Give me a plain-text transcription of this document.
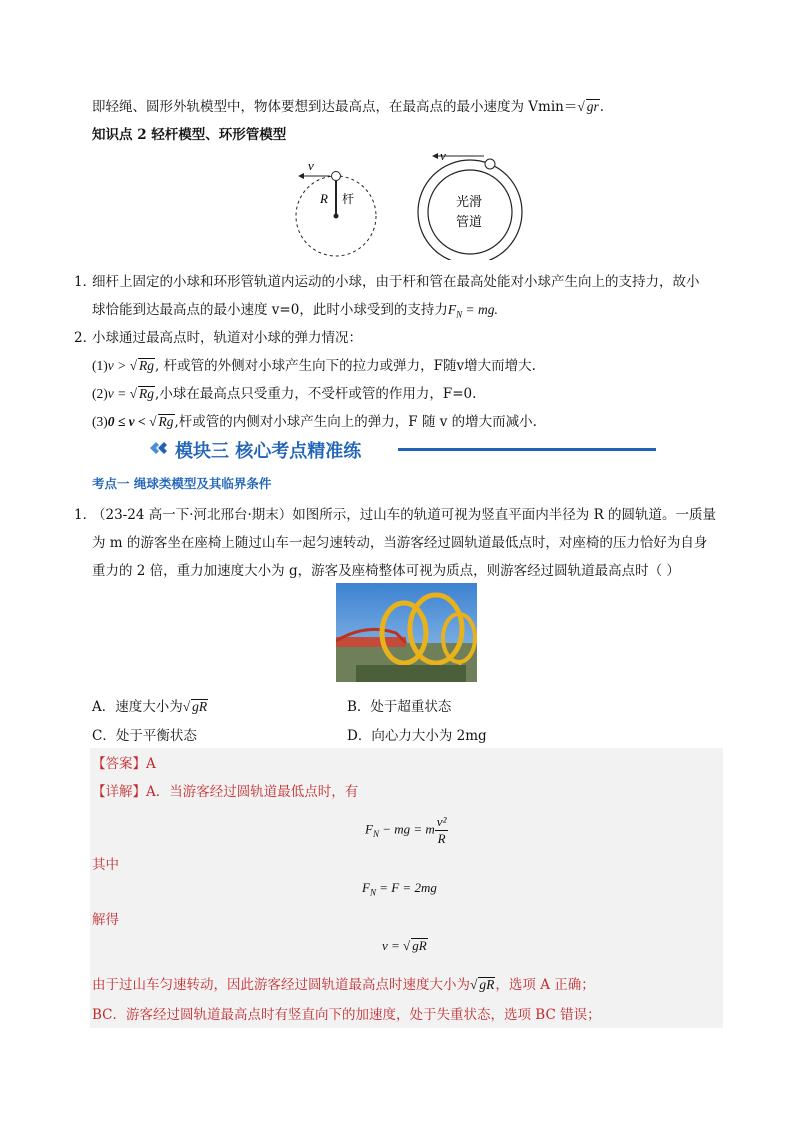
即轻绳、圆形外轨模型中，物体要想到达最高点，在最高点的最小速度为 Vmin＝ √ gr.
知识点 2 轻杆模型、环形管模型
v
R 杆
v
光滑
管道
1．
细杆上固定的小球和环形管轨道内运动的小球，由于杆和管在最高处能对小球产生向上的支持力，故小
球恰能到达最高点的最小速度 v=0，此时小球受到的支持力$F_N$ = mg.
2．
小球通过最高点时，轨道对小球的弹力情况：
(1)v > √ Rg, 杆或管的外侧对小球产生向下的拉力或弹力，F随v增大而增大.
(2)v = √ Rg,小球在最高点只受重力，不受杆或管的作用力，F=0.
(3)0 ≤ v < √ Rg,杆或管的内侧对小球产生向上的弹力，F 随 v 的增大而减小.
模块三 核心考点精准练
考点一 绳球类模型及其临界条件
1．
（23-24 高一下·河北邢台·期末）如图所示，过山车的轨道可视为竖直平面内半径为 R 的圆轨道。一质量
为 m 的游客坐在座椅上随过山车一起匀速转动，当游客经过圆轨道最低点时，对座椅的压力恰好为自身
重力的 2 倍，重力加速度大小为 g，游客及座椅整体可视为质点，则游客经过圆轨道最高点时（ ）
A．速度大小为 √ gR	B．处于超重状态
C．处于平衡状态	D．向心力大小为 2mg
【答案】A
【详解】A．当游客经过圆轨道最低点时，有
$F_N$ − mg = m $\frac{\text{v²}}{R}$
其中
$F_N = F = 2mg$
解得
v = √ gR
由于过山车匀速转动，因此游客经过圆轨道最高点时速度大小为 √ gR，选项 A 正确；
BC．游客经过圆轨道最高点时有竖直向下的加速度，处于失重状态，选项 BC 错误；
